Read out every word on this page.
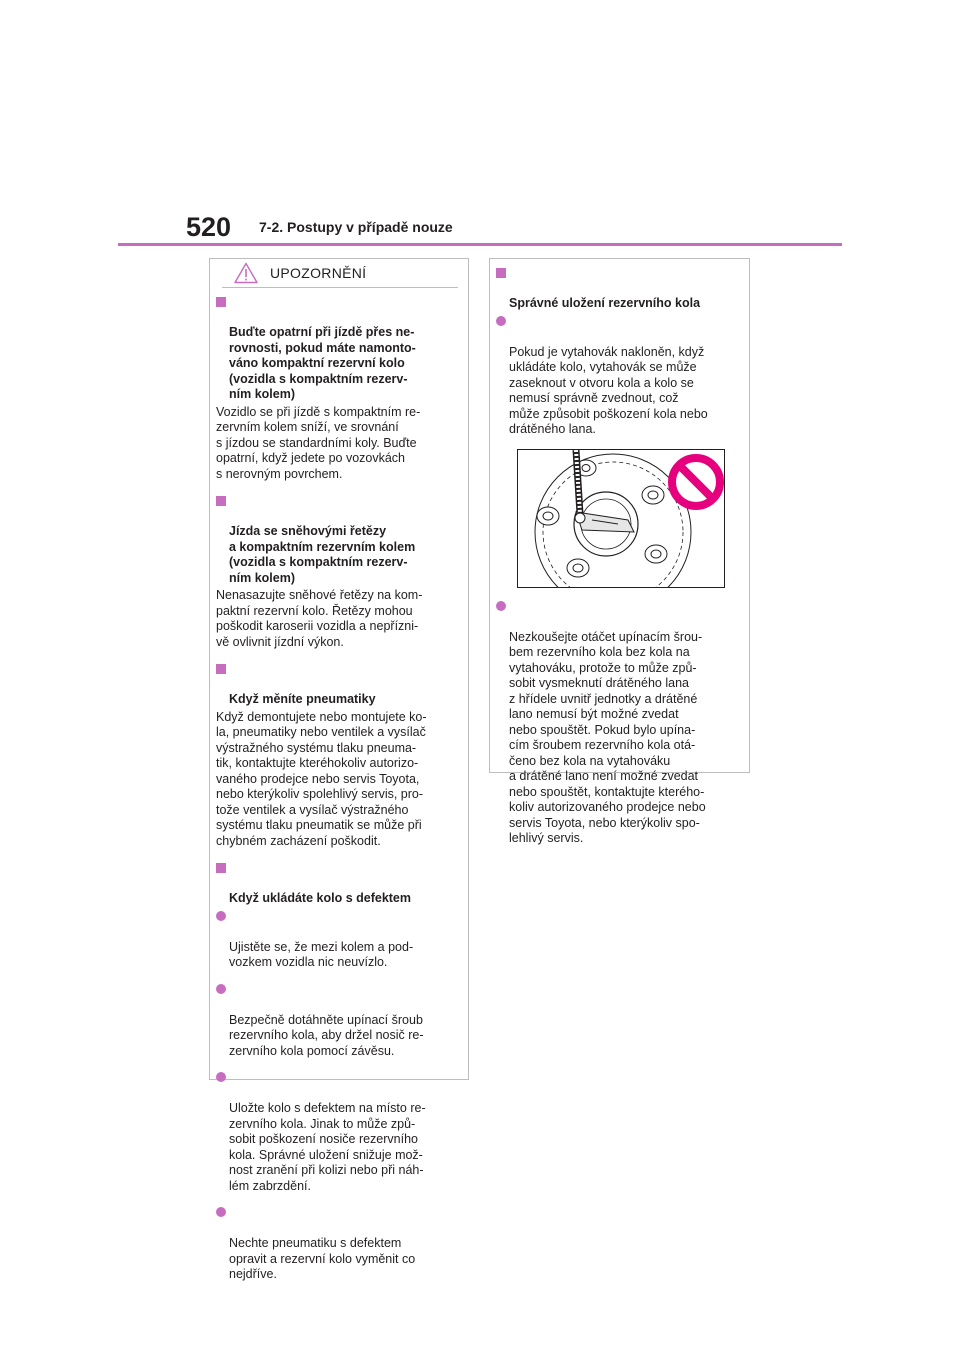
520 7-2. Postupy v případě nouze
UPOZORNĚNÍ

Buďte opatrní při jízdě přes ne-
rovnosti, pokud máte namonto-
váno kompaktní rezervní kolo
(vozidla s kompaktním rezerv-
ním kolem)

Vozidlo se při jízdě s kompaktním re-
zervním kolem sníží, ve srovnání
s jízdou se standardními koly. Buďte
opatrní, když jedete po vozovkách
s nerovným povrchem.

Jízda se sněhovými řetězy
a kompaktním rezervním kolem
(vozidla s kompaktním rezerv-
ním kolem)

Nenasazujte sněhové řetězy na kom-
paktní rezervní kolo. Řetězy mohou
poškodit karoserii vozidla a nepřízni-
vě ovlivnit jízdní výkon.

Když měníte pneumatiky

Když demontujete nebo montujete ko-
la, pneumatiky nebo ventilek a vysílač
výstražného systému tlaku pneuma-
tik, kontaktujte kteréhokoliv autorizo-
vaného prodejce nebo servis Toyota,
nebo kterýkoliv spolehlivý servis, pro-
tože ventilek a vysílač výstražného
systému tlaku pneumatik se může při
chybném zacházení poškodit.

Když ukládáte kolo s defektem

Ujistěte se, že mezi kolem a pod-
vozkem vozidla nic neuvízlo.

Bezpečně dotáhněte upínací šroub
rezervního kola, aby držel nosič re-
zervního kola pomocí závěsu.

Uložte kolo s defektem na místo re-
zervního kola. Jinak to může způ-
sobit poškození nosiče rezervního
kola. Správné uložení snižuje mož-
nost zranění při kolizi nebo při náh-
lém zabrzdění.

Nechte pneumatiku s defektem
opravit a rezervní kolo vyměnit co
nejdříve.

Správné uložení rezervního kola

Pokud je vytahovák nakloněn, když
ukládáte kolo, vytahovák se může
zaseknout v otvoru kola a kolo se
nemusí správně zvednout, což
může způsobit poškození kola nebo
drátěného lana.

Nezkoušejte otáčet upínacím šrou-
bem rezervního kola bez kola na
vytahováku, protože to může způ-
sobit vysmeknutí drátěného lana
z hřídele uvnitř jednotky a drátěné
lano nemusí být možné zvedat
nebo spouštět. Pokud bylo upína-
cím šroubem rezervního kola otá-
čeno bez kola na vytahováku
a drátěné lano není možné zvedat
nebo spouštět, kontaktujte kterého-
koliv autorizovaného prodejce nebo
servis Toyota, nebo kterýkoliv spo-
lehlivý servis.
